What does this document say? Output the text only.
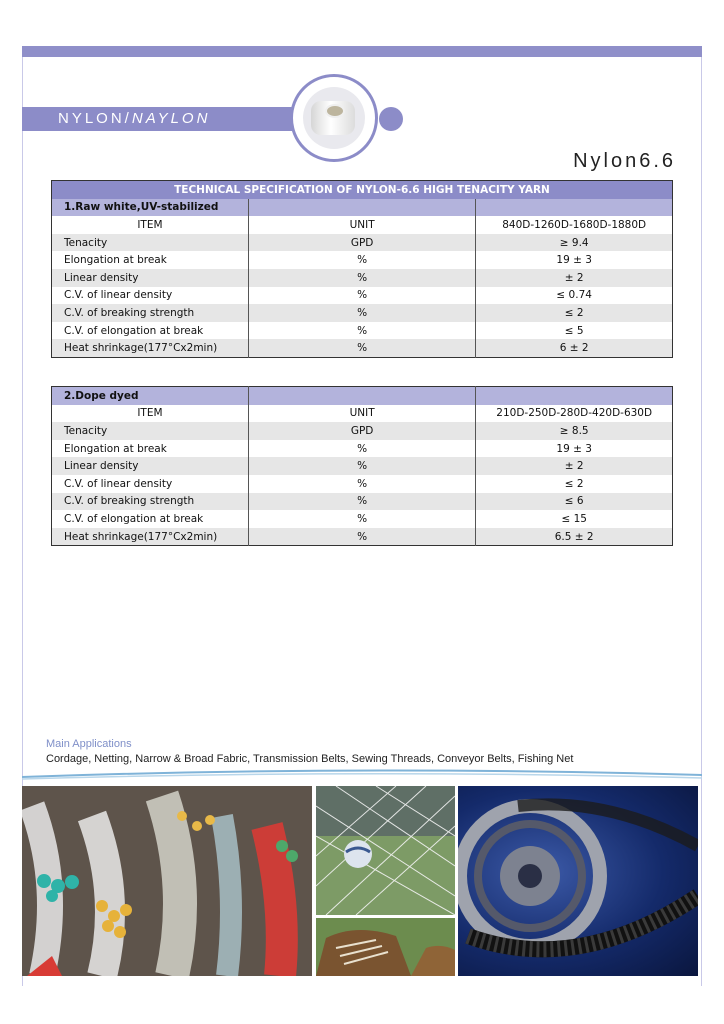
NYLON/NAYLON
Nylon6.6
TECHNICAL SPECIFICATION OF NYLON-6.6 HIGH TENACITY YARN		
1.Raw white,UV-stabilized		
ITEM	UNIT	840D-1260D-1680D-1880D
Tenacity	GPD	≥ 9.4
Elongation at break	%	19 ± 3
Linear density	%	± 2
C.V. of linear density	%	≤ 0.74
C.V. of breaking strength	%	≤ 2
C.V. of elongation at break	%	≤ 5
Heat shrinkage(177°Cx2min)	%	6 ± 2
2.Dope dyed		
ITEM	UNIT	210D-250D-280D-420D-630D
Tenacity	GPD	≥ 8.5
Elongation at break	%	19 ± 3
Linear density	%	± 2
C.V. of linear density	%	≤ 2
C.V. of breaking strength	%	≤ 6
C.V. of elongation at break	%	≤ 15
Heat shrinkage(177°Cx2min)	%	6.5 ± 2
Main Applications
Cordage, Netting, Narrow & Broad Fabric, Transmission Belts, Sewing Threads, Conveyor Belts, Fishing Net
